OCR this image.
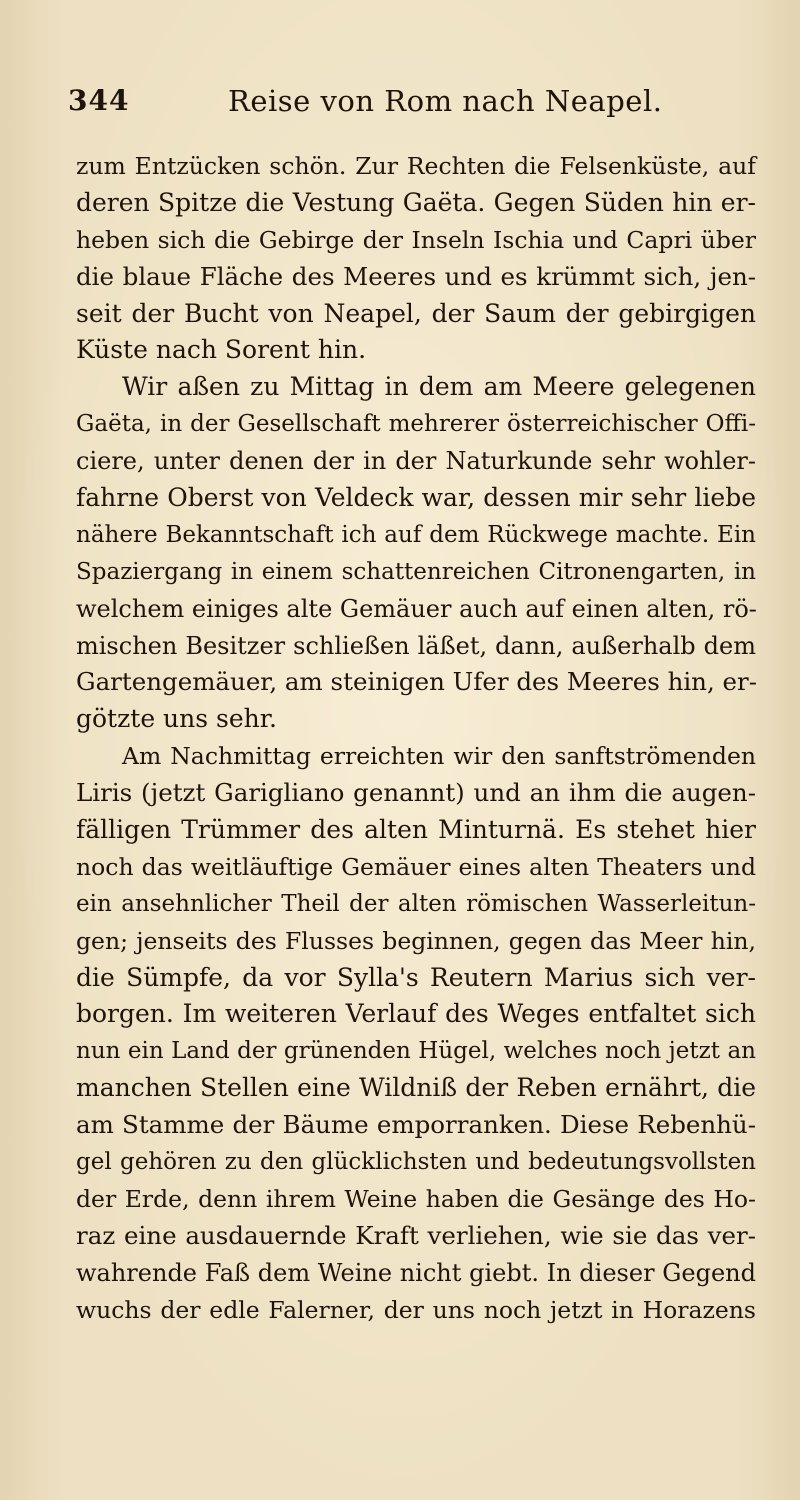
344	Reise von Rom nach Neapel.
zum Entzücken schön. Zur Rechten die Felsenküste, auf
deren Spitze die Vestung Gaëta. Gegen Süden hin er-
heben sich die Gebirge der Inseln Ischia und Capri über
die blaue Fläche des Meeres und es krümmt sich, jen-
seit der Bucht von Neapel, der Saum der gebirgigen
Küste nach Sorent hin.
Wir aßen zu Mittag in dem am Meere gelegenen
Gaëta, in der Gesellschaft mehrerer österreichischer Offi-
ciere, unter denen der in der Naturkunde sehr wohler-
fahrne Oberst von Veldeck war, dessen mir sehr liebe
nähere Bekanntschaft ich auf dem Rückwege machte. Ein
Spaziergang in einem schattenreichen Citronengarten, in
welchem einiges alte Gemäuer auch auf einen alten, rö-
mischen Besitzer schließen läßet, dann, außerhalb dem
Gartengemäuer, am steinigen Ufer des Meeres hin, er-
götzte uns sehr.
Am Nachmittag erreichten wir den sanftströmenden
Liris (jetzt Garigliano genannt) und an ihm die augen-
fälligen Trümmer des alten Minturnä. Es stehet hier
noch das weitläuftige Gemäuer eines alten Theaters und
ein ansehnlicher Theil der alten römischen Wasserleitun-
gen; jenseits des Flusses beginnen, gegen das Meer hin,
die Sümpfe, da vor Sylla's Reutern Marius sich ver-
borgen. Im weiteren Verlauf des Weges entfaltet sich
nun ein Land der grünenden Hügel, welches noch jetzt an
manchen Stellen eine Wildniß der Reben ernährt, die
am Stamme der Bäume emporranken. Diese Rebenhü-
gel gehören zu den glücklichsten und bedeutungsvollsten
der Erde, denn ihrem Weine haben die Gesänge des Ho-
raz eine ausdauernde Kraft verliehen, wie sie das ver-
wahrende Faß dem Weine nicht giebt. In dieser Gegend
wuchs der edle Falerner, der uns noch jetzt in Horazens
